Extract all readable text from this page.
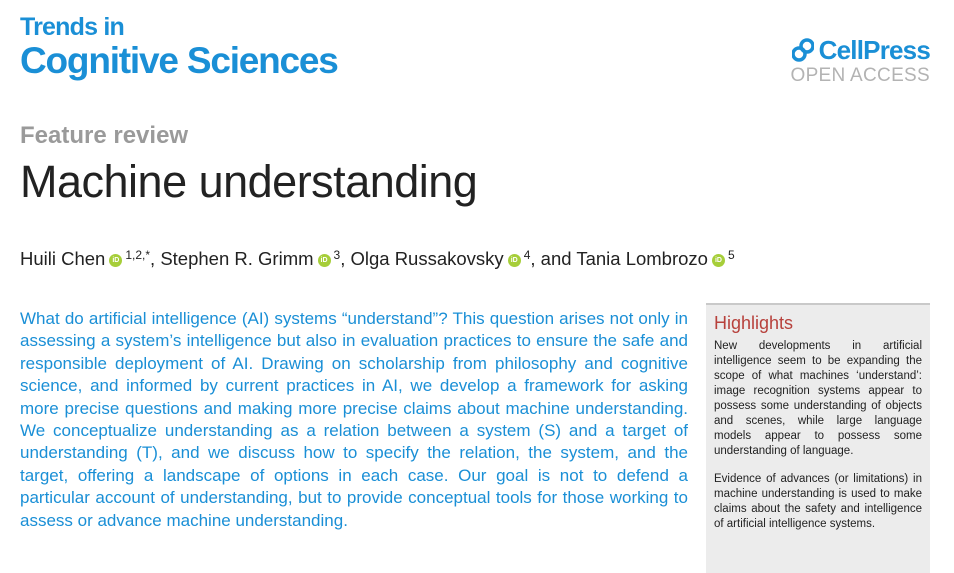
Trends in
Cognitive Sciences	CellPress
OPEN ACCESS
Feature review
Machine understanding
Huili Chen iD $^{1,2,*}$, Stephen R. Grimm iD $^3$, Olga Russakovsky iD $^4$, and Tania Lombrozo iD $^5$

What do artificial intelligence (AI) systems “understand”? This question arises not only in assessing a system’s intelligence but also in evaluation practices to ensure the safe and responsible deployment of AI. Drawing on scholarship from philosophy and cognitive science, and informed by current practices in AI, we develop a framework for asking more precise questions and making more precise claims about machine understanding. We conceptualize understanding as a relation between a system (S) and a target of understanding (T), and we discuss how to specify the relation, the system, and the target, offering a landscape of options in each case. Our goal is not to defend a particular account of understanding, but to provide conceptual tools for those working to assess or advance machine understanding.

Highlights

New developments in artificial intelligence seem to be expanding the scope of what machines ‘understand’: image recognition systems appear to possess some understanding of objects and scenes, while large language models appear to possess some understanding of language.

Evidence of advances (or limitations) in machine understanding is used to make claims about the safety and intelligence of artificial intelligence systems.
